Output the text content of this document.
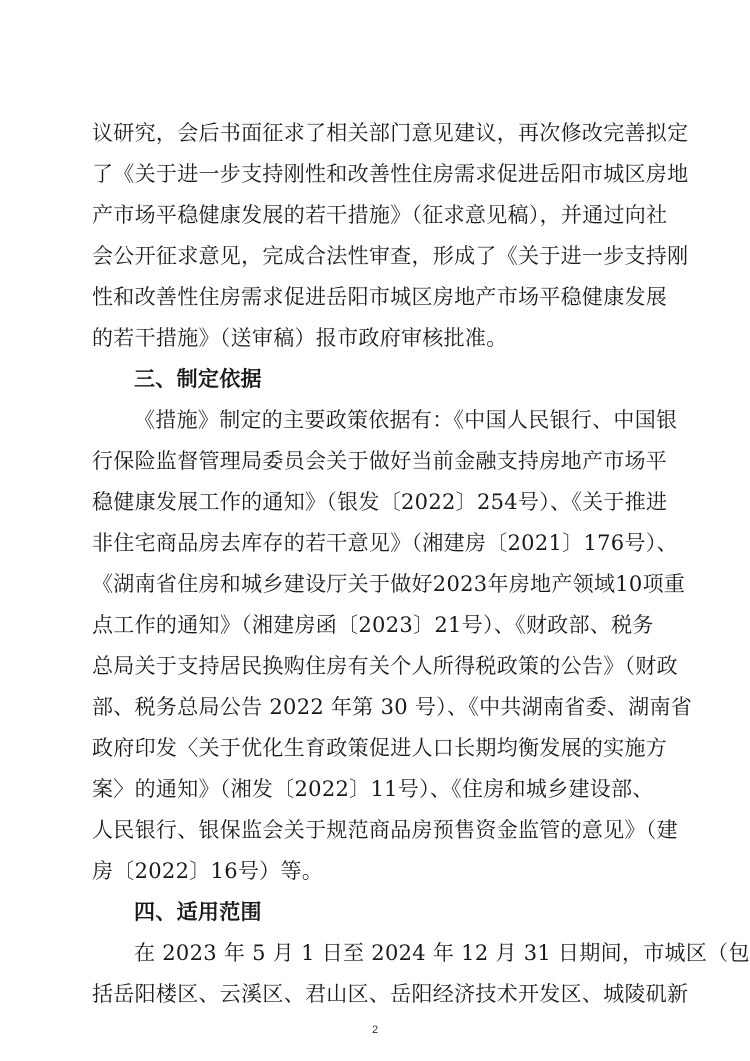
议研究，会后书面征求了相关部门意见建议，再次修改完善拟定
了《关于进一步支持刚性和改善性住房需求促进岳阳市城区房地
产市场平稳健康发展的若干措施》（征求意见稿），并通过向社
会公开征求意见，完成合法性审查，形成了《关于进一步支持刚
性和改善性住房需求促进岳阳市城区房地产市场平稳健康发展
的若干措施》（送审稿）报市政府审核批准。
三、制定依据
《措施》制定的主要政策依据有：《中国人民银行、中国银
行保险监督管理局委员会关于做好当前金融支持房地产市场平
稳健康发展工作的通知》（银发〔2022〕254号）、《关于推进
非住宅商品房去库存的若干意见》（湘建房〔2021〕176号）、
《湖南省住房和城乡建设厅关于做好2023年房地产领域10项重
点工作的通知》（湘建房函〔2023〕21号）、《财政部、税务
总局关于支持居民换购住房有关个人所得税政策的公告》（财政
部、税务总局公告 2022 年第 30 号）、《中共湖南省委、湖南省
政府印发〈关于优化生育政策促进人口长期均衡发展的实施方
案〉的通知》（湘发〔2022〕11号）、《住房和城乡建设部、
人民银行、银保监会关于规范商品房预售资金监管的意见》（建
房〔2022〕16号）等。
四、适用范围
在 2023 年 5 月 1 日至 2024 年 12 月 31 日期间，市城区（包
括岳阳楼区、云溪区、君山区、岳阳经济技术开发区、城陵矶新
2
